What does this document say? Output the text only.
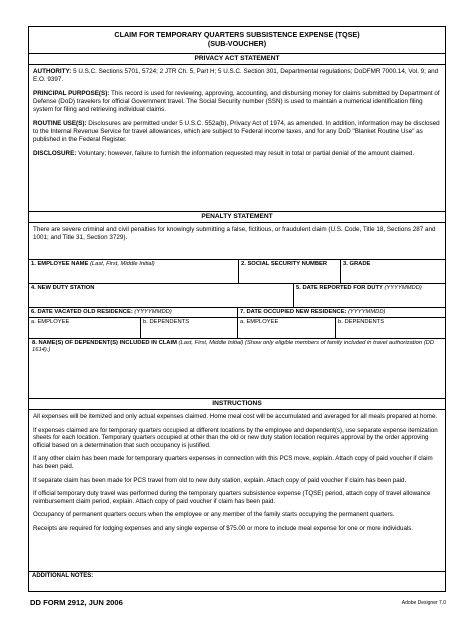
CLAIM FOR TEMPORARY QUARTERS SUBSISTENCE EXPENSE (TQSE)
(SUB-VOUCHER)
PRIVACY ACT STATEMENT
AUTHORITY: 5 U.S.C. Sections 5701, 5724; 2 JTR Ch. 5, Part H; 5 U.S.C. Section 301, Departmental regulations; DoDFMR 7000.14, Vol. 9; and E.O. 9397.
PRINCIPAL PURPOSE(S): This record is used for reviewing, approving, accounting, and disbursing money for claims submitted by Department of Defense (DoD) travelers for official Government travel. The Social Security number (SSN) is used to maintain a numerical identification filing system for filing and retrieving individual claims.
ROUTINE USE(S): Disclosures are permitted under 5 U.S.C. 552a(b), Privacy Act of 1974, as amended. In addition, information may be disclosed to the Internal Revenue Service for travel allowances, which are subject to Federal income taxes, and for any DoD "Blanket Routine Use" as published in the Federal Register.
DISCLOSURE: Voluntary; however, failure to furnish the information requested may result in total or partial denial of the amount claimed.
PENALTY STATEMENT
There are severe criminal and civil penalties for knowingly submitting a false, fictitious, or fraudulent claim (U.S. Code, Title 18, Sections 287 and 1001; and Title 31, Section 3729).
1. EMPLOYEE NAME (Last, First, Middle Initial)	2. SOCIAL SECURITY NUMBER	3. GRADE
4. NEW DUTY STATION	5. DATE REPORTED FOR DUTY (YYYYMMDD)
6. DATE VACATED OLD RESIDENCE: (YYYYMMDD)	7. DATE OCCUPIED NEW RESIDENCE: (YYYYMMDD)
a. EMPLOYEE	b. DEPENDENTS	a. EMPLOYEE	b. DEPENDENTS
8. NAME(S) OF DEPENDENT(S) INCLUDED IN CLAIM (Last, First, Middle Initial) (Show only eligible members of family included in travel authorization (DD 1614).)
INSTRUCTIONS
All expenses will be itemized and only actual expenses claimed. Home meal cost will be accumulated and averaged for all meals prepared at home.
If expenses claimed are for temporary quarters occupied at different locations by the employee and dependent(s), use separate expense itemization sheets for each location. Temporary quarters occupied at other than the old or new duty station location requires approval by the order approving official based on a determination that such occupancy is justified.
If any other claim has been made for temporary quarters expenses in connection with this PCS move, explain. Attach copy of paid voucher if claim has been paid.
If separate claim has been made for PCS travel from old to new duty station, explain. Attach copy of paid voucher if claim has been paid.
If official temporary duty travel was performed during the temporary quarters subsistence expense (TQSE) period, attach copy of travel allowance reimbursement claim period, explain. Attach copy of paid voucher if claim has been paid.
Occupancy of permanent quarters occurs when the employee or any member of the family starts occupying the permanent quarters.
Receipts are required for lodging expenses and any single expense of $75.00 or more to include meal expense for one or more individuals.
ADDITIONAL NOTES:
DD FORM 2912, JUN 2006	Adobe Designer 7.0
